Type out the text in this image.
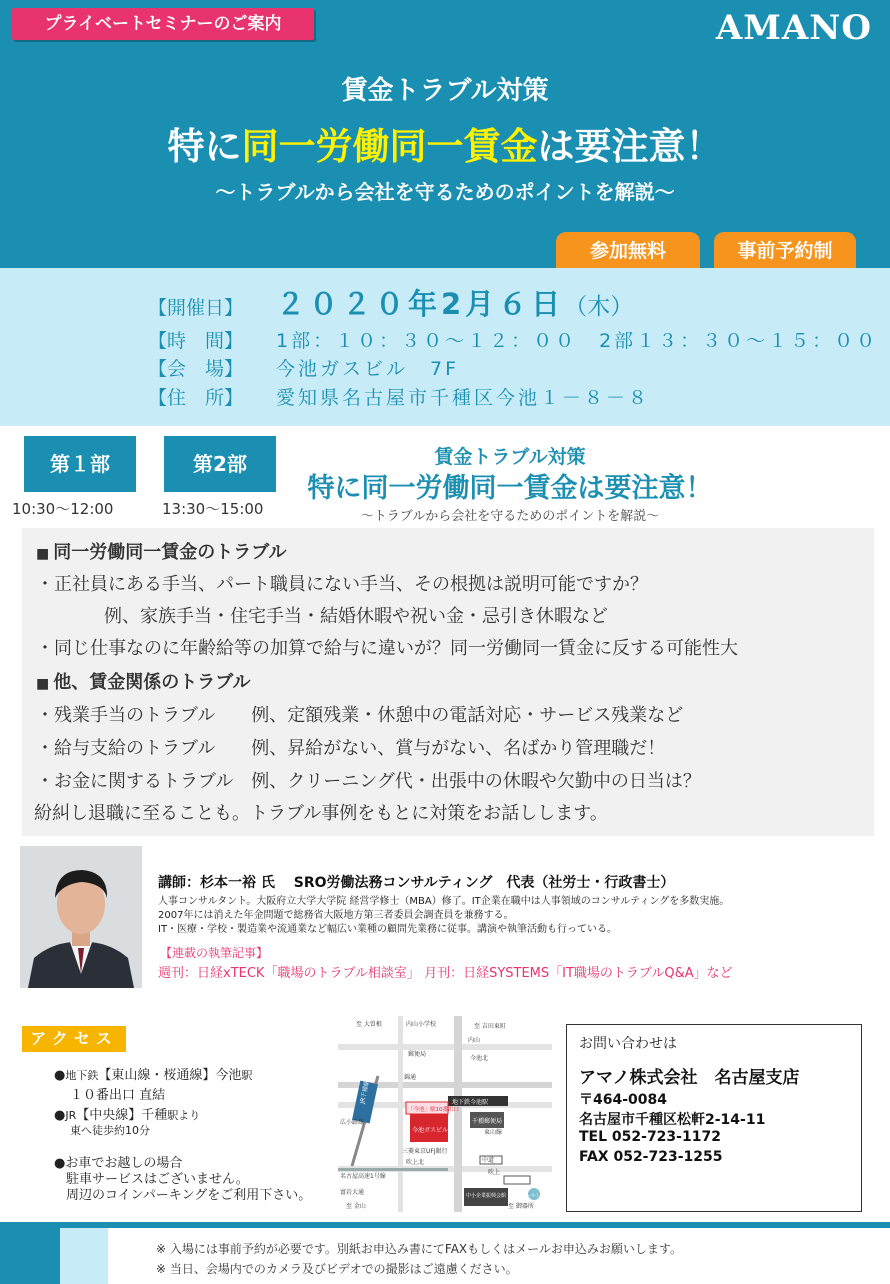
プライベートセミナーのご案内	AMANO
賃金トラブル対策
特に同一労働同一賃金は要注意！
～トラブルから会社を守るためのポイントを解説～
参加無料	事前予約制
【開催日】 ２０２０年2月６日（木）
【時　間】 1部：１０：３０～１２：００　2部１３：３０～１５：００
【会　場】 今池ガスビル　7F
【住　所】 愛知県名古屋市千種区今池１－８－８
第１部
10:30～12:00
第2部
13:30～15:00
賃金トラブル対策
特に同一労働同一賃金は要注意！
～トラブルから会社を守るためのポイントを解説～
■ 同一労働同一賃金のトラブル
・正社員にある手当、パート職員にない手当、その根拠は説明可能ですか？
例、家族手当・住宅手当・結婚休暇や祝い金・忌引き休暇など
・同じ仕事なのに年齢給等の加算で給与に違いが？同一労働同一賃金に反する可能性大
■ 他、賃金関係のトラブル
・残業手当のトラブル　　例、定額残業・休憩中の電話対応・サービス残業など
・給与支給のトラブル　　例、昇給がない、賞与がない、名ばかり管理職だ！
・お金に関するトラブル　例、クリーニング代・出張中の休暇や欠勤中の日当は？
紛糾し退職に至ることも。トラブル事例をもとに対策をお話しします。
講師：杉本一裕 氏　 SRO労働法務コンサルティング　代表（社労士・行政書士）
人事コンサルタント。大阪府立大学大学院 経営学修士（MBA）修了。IT企業在職中は人事領域のコンサルティングを多数実施。
2007年には消えた年金問題で総務省大阪地方第三者委員会調査員を兼務する。
IT・医療・学校・製造業や流通業など幅広い業種の顧問先業務に従事。講演や執筆活動も行っている。
【連載の執筆記事】
週刊：日経xTECK「職場のトラブル相談室」 月刊：日経SYSTEMS「IT職場のトラブルQ&A」など
アクセス
●地下鉄【東山線・桜通線】今池駅
１０番出口 直結
●JR【中央線】千種駅より
東へ徒歩約10分
●お車でお越しの場合
駐車サービスはございません。
周辺のコインパーキングをご利用下さい。
至 大曽根	内山小学校	至 吉田東町
内山
郵便局
今池北
錦通
地下鉄今池駅
JR千種駅
千種郵便局
「今池」駅10番出口
広小路線
今池ガスビル	東山線
三菱東京UFJ銀行
吹上北	中道
名古屋高速1号線
吹上
富岩大通	中小企業振興会館（吹上ホール）
至 金山	至 御器所
お問い合わせは
アマノ株式会社　名古屋支店
〒464-0084
名古屋市千種区松軒2-14-11
TEL 052-723-1172
FAX 052-723-1255
※ 入場には事前予約が必要です。別紙お申込み書にてFAXもしくはメールお申込みお願いします。
※ 当日、会場内でのカメラ及びビデオでの撮影はご遠慮ください。
